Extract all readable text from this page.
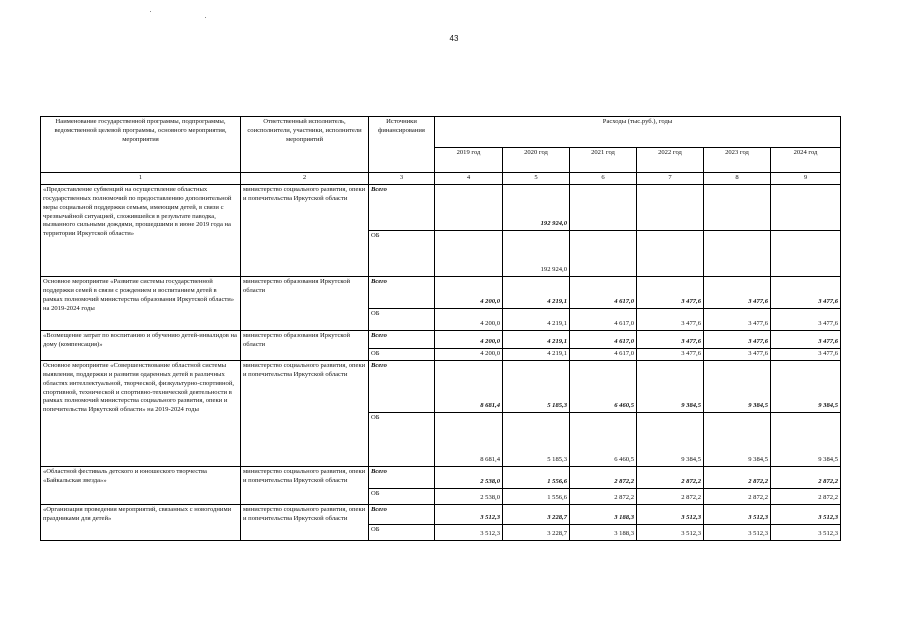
43
Наименование государственной программы, подпрограммы, ведомственной целевой программы, основного мероприятия, мероприятия	Ответственный исполнитель, соисполнители, участники, исполнители мероприятий	Источники финансирования	Расходы (тыс.руб.), годы					
			2019 год	2020 год	2021 год	2022 год	2023 год	2024 год
1	2	3	4	5	6	7	8	9
«Предоставление субвенций на осуществление областных государственных полномочий по предоставлению дополнительной меры социальной поддержки семьям, имеющим детей, в связи с чрезвычайной ситуацией, сложившейся в результате паводка, вызванного сильными дождями, прошедшими в июне 2019 года на территории Иркутской области»	министерство социального развития, опеки и попечительства Иркутской области	Всего		192 924,0				
		ОБ		192 924,0				
Основное мероприятие «Развитие системы государственной поддержки семей в связи с рождением и воспитанием детей в рамках полномочий министерства образования Иркутской области» на 2019-2024 годы	министерство образования Иркутской области	Всего	4 200,0	4 219,1	4 617,0	3 477,6	3 477,6	3 477,6
		ОБ	4 200,0	4 219,1	4 617,0	3 477,6	3 477,6	3 477,6
«Возмещение затрат по воспитанию и обучению детей-инвалидов на дому (компенсация)»	министерство образования Иркутской области	Всего	4 200,0	4 219,1	4 617,0	3 477,6	3 477,6	3 477,6
		ОБ	4 200,0	4 219,1	4 617,0	3 477,6	3 477,6	3 477,6
Основное мероприятие «Совершенствование областной системы выявления, поддержки и развития одаренных детей в различных областях интеллектуальной, творческой, физкультурно-спортивной, спортивной, технической и спортивно-технической деятельности в рамках полномочий министерства социального развития, опеки и попечительства Иркутской области» на 2019-2024 годы	министерство социального развития, опеки и попечительства Иркутской области	Всего	8 681,4	5 185,3	6 460,5	9 384,5	9 384,5	9 384,5
		ОБ	8 681,4	5 185,3	6 460,5	9 384,5	9 384,5	9 384,5
«Областной фестиваль детского и юношеского творчества «Байкальская звезда»»	министерство социального развития, опеки и попечительства Иркутской области	Всего	2 538,0	1 556,6	2 872,2	2 872,2	2 872,2	2 872,2
		ОБ	2 538,0	1 556,6	2 872,2	2 872,2	2 872,2	2 872,2
«Организация проведения мероприятий, связанных с новогодними праздниками для детей»	министерство социального развития, опеки и попечительства Иркутской области	Всего	3 512,3	3 228,7	3 188,3	3 512,3	3 512,3	3 512,3
		ОБ	3 512,3	3 228,7	3 188,3	3 512,3	3 512,3	3 512,3
